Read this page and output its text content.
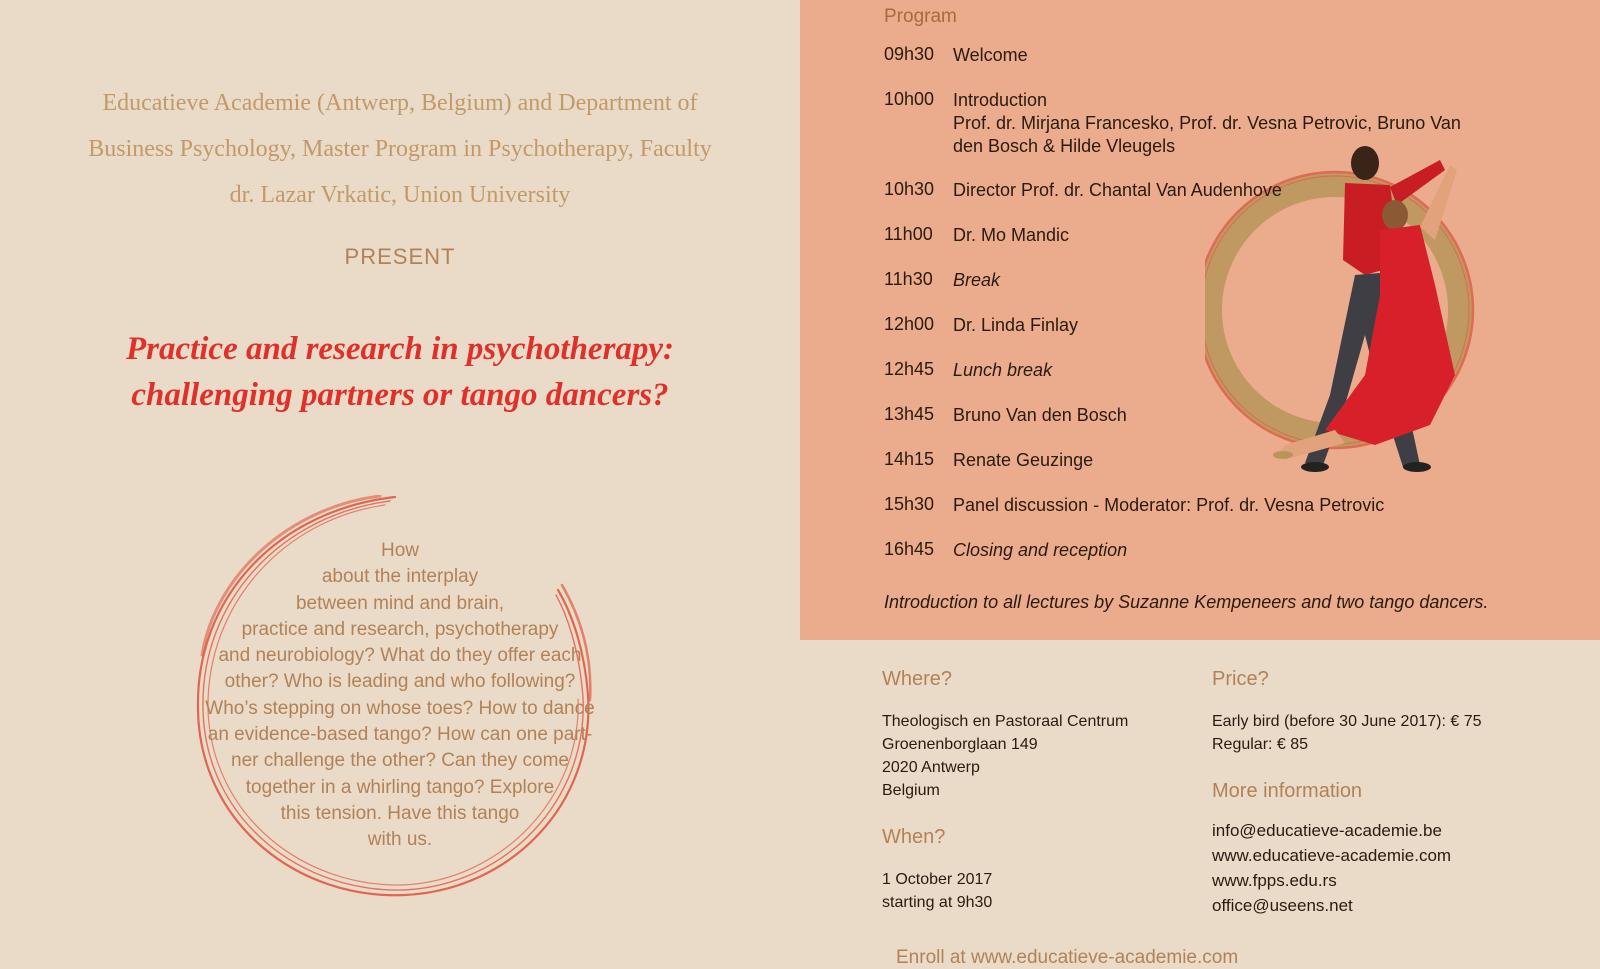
Educatieve Academie (Antwerp, Belgium) and Department of
Business Psychology, Master Program in Psychotherapy, Faculty
dr. Lazar Vrkatic, Union University
PRESENT
Practice and research in psychotherapy:
challenging partners or tango dancers?
How
about the interplay
between mind and brain,
practice and research, psychotherapy
and neurobiology? What do they offer each
other? Who is leading and who following?
Who’s stepping on whose toes? How to dance
an evidence-based tango? How can one part-
ner challenge the other? Can they come
together in a whirling tango? Explore
this tension. Have this tango
with us.
Program
09h30	Welcome
10h00	Introduction
Prof. dr. Mirjana Francesko, Prof. dr. Vesna Petrovic, Bruno Van den Bosch & Hilde Vleugels
10h30	Director Prof. dr. Chantal Van Audenhove
11h00	Dr. Mo Mandic
11h30	Break
12h00	Dr. Linda Finlay
12h45	Lunch break
13h45	Bruno Van den Bosch
14h15	Renate Geuzinge
15h30	Panel discussion - Moderator: Prof. dr. Vesna Petrovic
16h45	Closing and reception
Introduction to all lectures by Suzanne Kempeneers and two tango dancers.
Where?
Theologisch en Pastoraal Centrum
Groenenborglaan 149
2020 Antwerp
Belgium
When?
1 October 2017
starting at 9h30
Price?
Early bird (before 30 June 2017): € 75
Regular: € 85
More information
info@educatieve-academie.be
www.educatieve-academie.com
www.fpps.edu.rs
office@useens.net
Enroll at www.educatieve-academie.com
